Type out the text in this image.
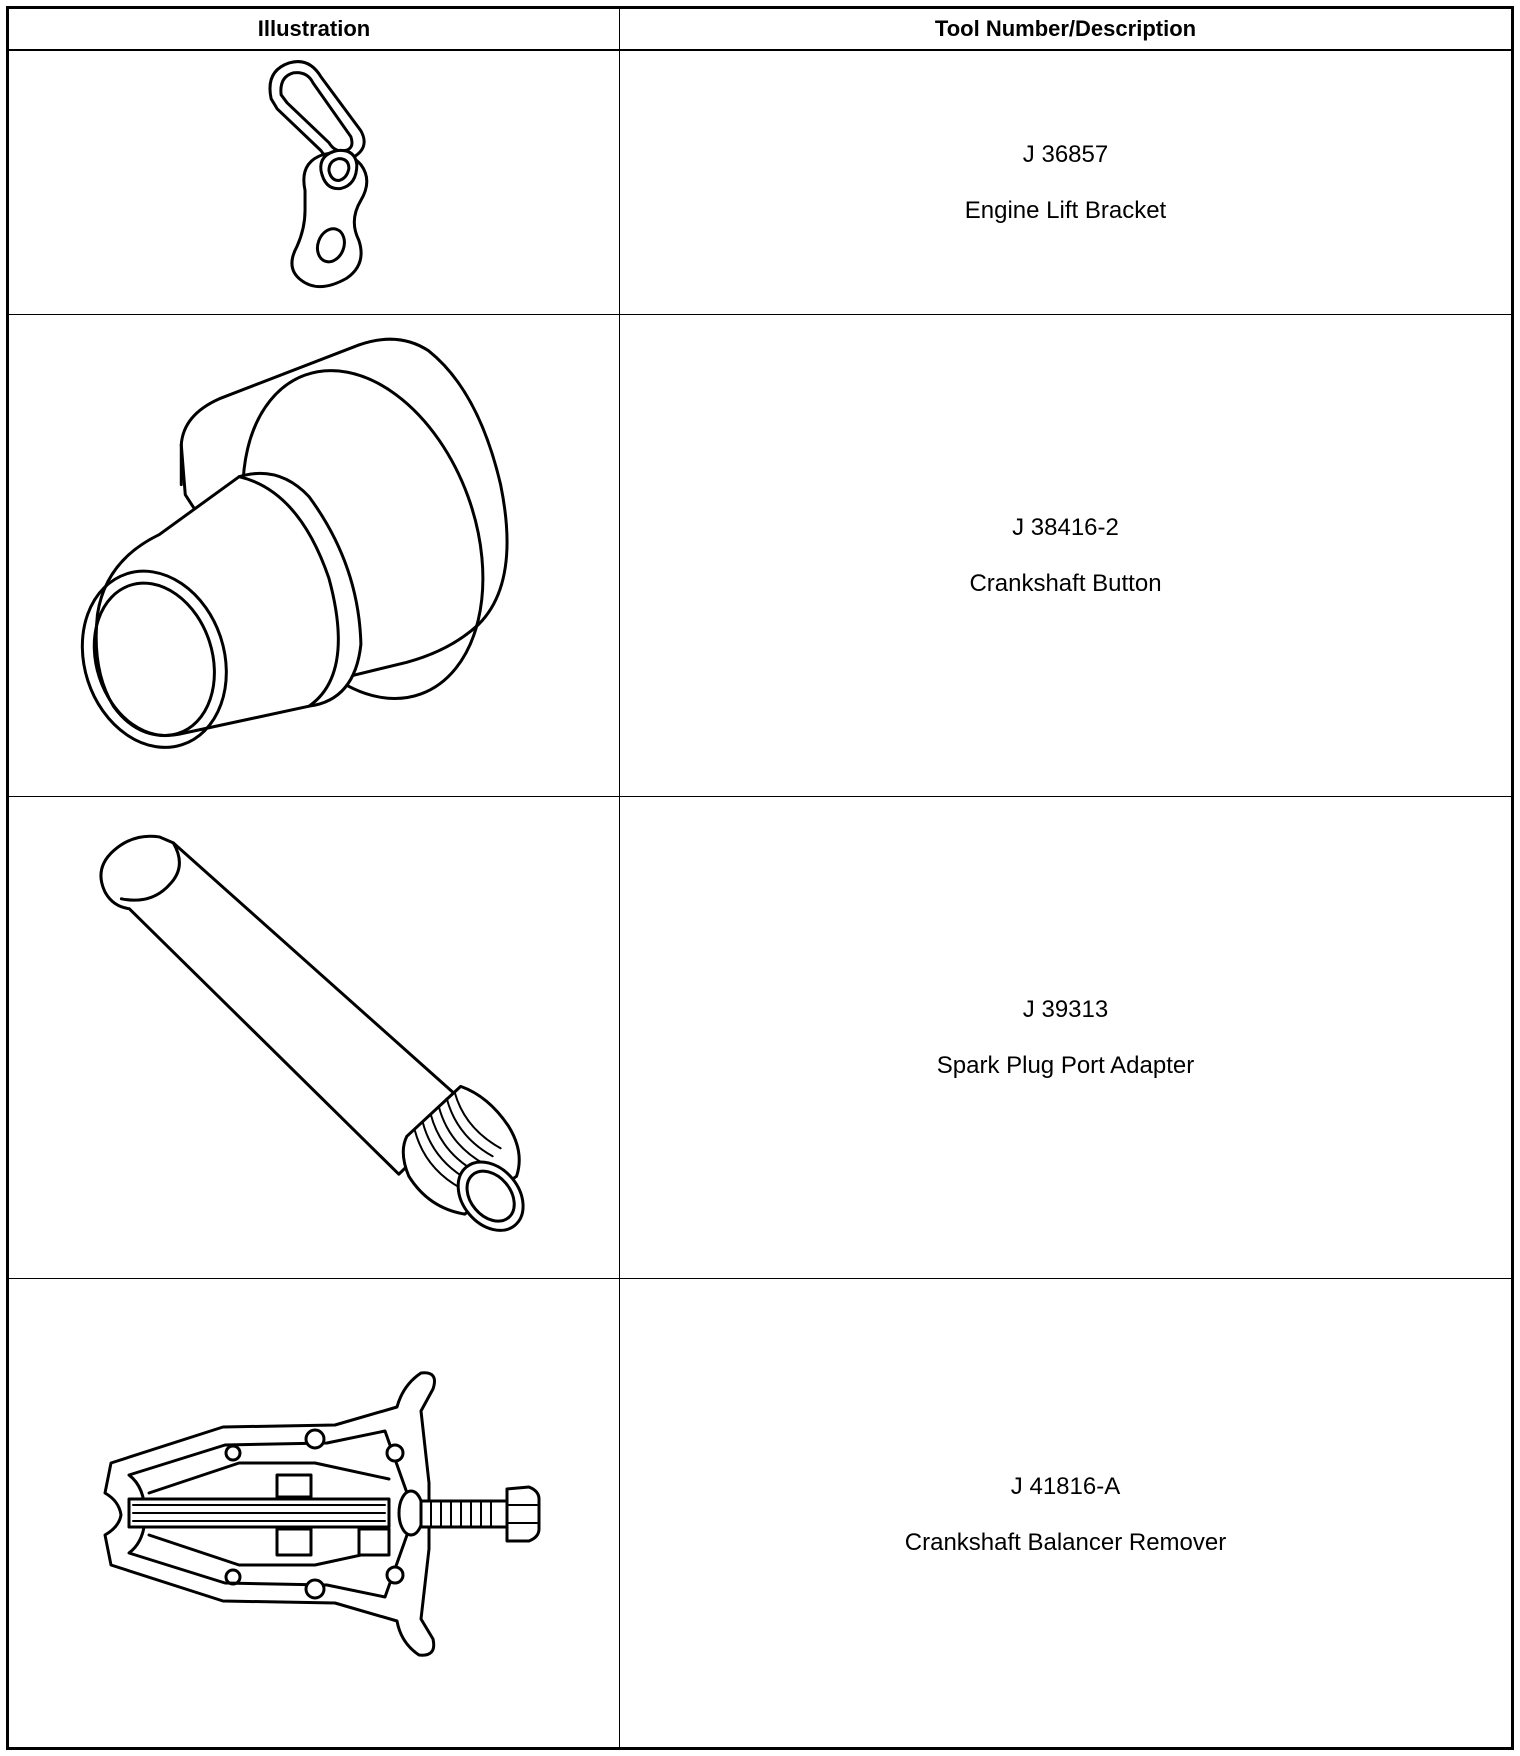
Illustration	Tool Number/Description
J 36857
Engine Lift Bracket
J 38416-2
Crankshaft Button
J 39313
Spark Plug Port Adapter
J 41816-A
Crankshaft Balancer Remover
